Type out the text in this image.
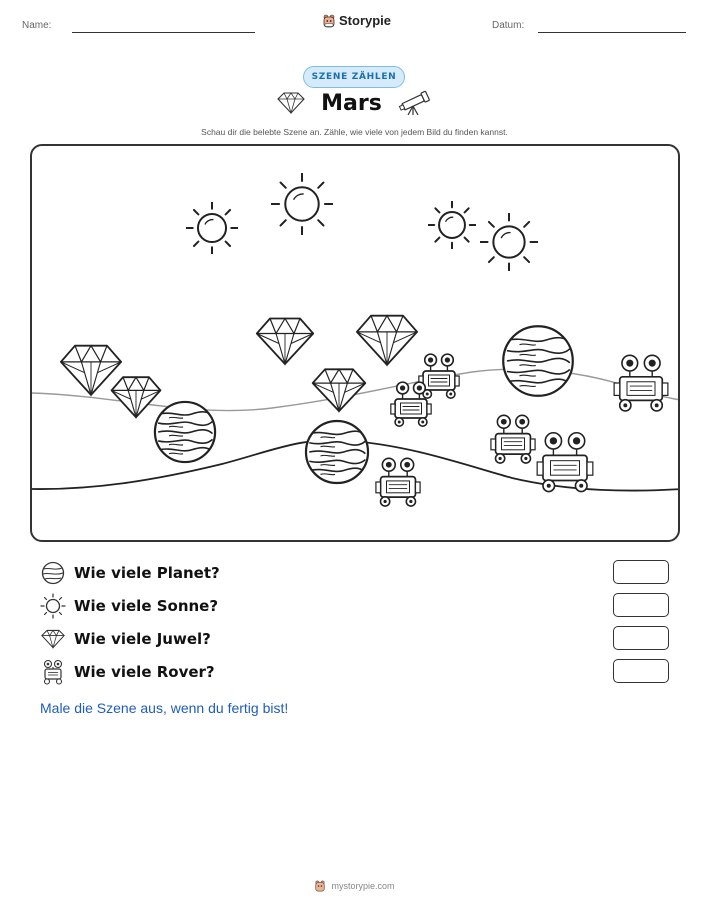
Name:	Storypie	Datum:
SZENE ZÄHLEN
Mars
Schau dir die belebte Szene an. Zähle, wie viele von jedem Bild du finden kannst.
Wie viele Planet?
Wie viele Sonne?
Wie viele Juwel?
Wie viele Rover?
Male die Szene aus, wenn du fertig bist!
mystorypie.com
